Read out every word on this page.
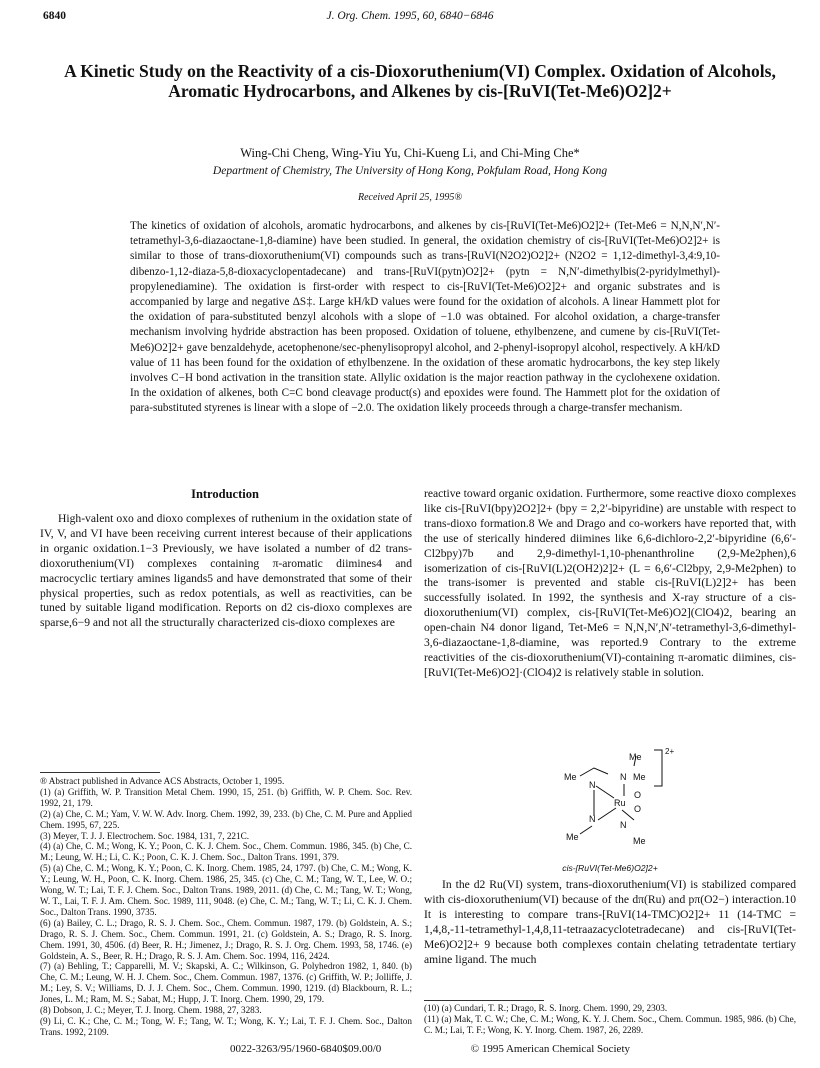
6840	J. Org. Chem. 1995, 60, 6840−6846
A Kinetic Study on the Reactivity of a cis-Dioxoruthenium(VI) Complex. Oxidation of Alcohols, Aromatic Hydrocarbons, and Alkenes by cis-[RuVI(Tet-Me6)O2]2+
Wing-Chi Cheng, Wing-Yiu Yu, Chi-Kueng Li, and Chi-Ming Che*
Department of Chemistry, The University of Hong Kong, Pokfulam Road, Hong Kong
Received April 25, 1995®
The kinetics of oxidation of alcohols, aromatic hydrocarbons, and alkenes by cis-[RuVI(Tet-Me6)O2]2+ (Tet-Me6 = N,N,N′,N′-tetramethyl-3,6-diazaoctane-1,8-diamine) have been studied. In general, the oxidation chemistry of cis-[RuVI(Tet-Me6)O2]2+ is similar to those of trans-dioxoruthenium(VI) compounds such as trans-[RuVI(N2O2)O2]2+ (N2O2 = 1,12-dimethyl-3,4:9,10-dibenzo-1,12-diaza-5,8-dioxacyclopentadecane) and trans-[RuVI(pytn)O2]2+ (pytn = N,N′-dimethylbis(2-pyridylmethyl)-propylenediamine). The oxidation is first-order with respect to cis-[RuVI(Tet-Me6)O2]2+ and organic substrates and is accompanied by large and negative ΔS‡. Large kH/kD values were found for the oxidation of alcohols. A linear Hammett plot for the oxidation of para-substituted benzyl alcohols with a slope of −1.0 was obtained. For alcohol oxidation, a charge-transfer mechanism involving hydride abstraction has been proposed. Oxidation of toluene, ethylbenzene, and cumene by cis-[RuVI(Tet-Me6)O2]2+ gave benzaldehyde, acetophenone/sec-phenylisopropyl alcohol, and 2-phenyl-isopropyl alcohol, respectively. A kH/kD value of 11 has been found for the oxidation of ethylbenzene. In the oxidation of these aromatic hydrocarbons, the key step likely involves C−H bond activation in the transition state. Allylic oxidation is the major reaction pathway in the cyclohexene oxidation. In the oxidation of alkenes, both C=C bond cleavage product(s) and epoxides were found. The Hammett plot for the oxidation of para-substituted styrenes is linear with a slope of −2.0. The oxidation likely proceeds through a charge-transfer mechanism.
Introduction

High-valent oxo and dioxo complexes of ruthenium in the oxidation state of IV, V, and VI have been receiving current interest because of their applications in organic oxidation.1−3 Previously, we have isolated a number of d2 trans-dioxoruthenium(VI) complexes containing π-aromatic diimines4 and macrocyclic tertiary amines ligands5 and have demonstrated that some of their physical properties, such as redox potentials, as well as reactivities, can be tuned by suitable ligand modification. Reports on d2 cis-dioxo complexes are sparse,6−9 and not all the structurally characterized cis-dioxo complexes are

® Abstract published in Advance ACS Abstracts, October 1, 1995.
(1) (a) Griffith, W. P. Transition Metal Chem. 1990, 15, 251. (b) Griffith, W. P. Chem. Soc. Rev. 1992, 21, 179.
(2) (a) Che, C. M.; Yam, V. W. W. Adv. Inorg. Chem. 1992, 39, 233. (b) Che, C. M. Pure and Applied Chem. 1995, 67, 225.
(3) Meyer, T. J. J. Electrochem. Soc. 1984, 131, 7, 221C.
(4) (a) Che, C. M.; Wong, K. Y.; Poon, C. K. J. Chem. Soc., Chem. Commun. 1986, 345. (b) Che, C. M.; Leung, W. H.; Li, C. K.; Poon, C. K. J. Chem. Soc., Dalton Trans. 1991, 379.
(5) (a) Che, C. M.; Wong, K. Y.; Poon, C. K. Inorg. Chem. 1985, 24, 1797. (b) Che, C. M.; Wong, K. Y.; Leung, W. H., Poon, C. K. Inorg. Chem. 1986, 25, 345. (c) Che, C. M.; Tang, W. T., Lee, W. O.; Wong, W. T.; Lai, T. F. J. Chem. Soc., Dalton Trans. 1989, 2011. (d) Che, C. M.; Tang, W. T.; Wong, W. T., Lai, T. F. J. Am. Chem. Soc. 1989, 111, 9048. (e) Che, C. M.; Tang, W. T.; Li, C. K. J. Chem. Soc., Dalton Trans. 1990, 3735.
(6) (a) Bailey, C. L.; Drago, R. S. J. Chem. Soc., Chem. Commun. 1987, 179. (b) Goldstein, A. S.; Drago, R. S. J. Chem. Soc., Chem. Commun. 1991, 21. (c) Goldstein, A. S.; Drago, R. S. Inorg. Chem. 1991, 30, 4506. (d) Beer, R. H.; Jimenez, J.; Drago, R. S. J. Org. Chem. 1993, 58, 1746. (e) Goldstein, A. S., Beer, R. H.; Drago, R. S. J. Am. Chem. Soc. 1994, 116, 2424.
(7) (a) Behling, T.; Capparelli, M. V.; Skapski, A. C.; Wilkinson, G. Polyhedron 1982, 1, 840. (b) Che, C. M.; Leung, W. H. J. Chem. Soc., Chem. Commun. 1987, 1376. (c) Griffith, W. P.; Jolliffe, J. M.; Ley, S. V.; Williams, D. J. J. Chem. Soc., Chem. Commun. 1990, 1219. (d) Blackbourn, R. L.; Jones, L. M.; Ram, M. S.; Sabat, M.; Hupp, J. T. Inorg. Chem. 1990, 29, 179.
(8) Dobson, J. C.; Meyer, T. J. Inorg. Chem. 1988, 27, 3283.
(9) Li, C. K.; Che, C. M.; Tong, W. F.; Tang, W. T.; Wong, K. Y.; Lai, T. F. J. Chem. Soc., Dalton Trans. 1992, 2109.

reactive toward organic oxidation. Furthermore, some reactive dioxo complexes like cis-[RuVI(bpy)2O2]2+ (bpy = 2,2′-bipyridine) are unstable with respect to trans-dioxo formation.8 We and Drago and co-workers have reported that, with the use of sterically hindered diimines like 6,6-dichloro-2,2′-bipyridine (6,6′-Cl2bpy)7b and 2,9-dimethyl-1,10-phenanthroline (2,9-Me2phen),6 isomerization of cis-[RuVI(L)2(OH2)2]2+ (L = 6,6′-Cl2bpy, 2,9-Me2phen) to the trans-isomer is prevented and stable cis-[RuVI(L)2]2+ has been successfully isolated. In 1992, the synthesis and X-ray structure of a cis-dioxoruthenium(VI) complex, cis-[RuVI(Tet-Me6)O2](ClO4)2, bearing an open-chain N4 donor ligand, Tet-Me6 = N,N,N′,N′-tetramethyl-3,6-dimethyl-3,6-diazaoctane-1,8-diamine, was reported.9 Contrary to the extreme reactivities of the cis-dioxoruthenium(VI)-containing π-aromatic diimines, cis-[RuVI(Tet-Me6)O2]·(ClO4)2 is relatively stable in solution.

Me
Me
N
N Me
Ru
O
O
N
N
Me	Me
2+
cis-[RuVI(Tet-Me6)O2]2+

In the d2 Ru(VI) system, trans-dioxoruthenium(VI) is stabilized compared with cis-dioxoruthenium(VI) because of the dπ(Ru) and pπ(O2−) interaction.10 It is interesting to compare trans-[RuVI(14-TMC)O2]2+ 11 (14-TMC = 1,4,8,-11-tetramethyl-1,4,8,11-tetraazacyclotetradecane) and cis-[RuVI(Tet-Me6)O2]2+ 9 because both complexes contain chelating tetradentate tertiary amine ligand. The much

(10) (a) Cundari, T. R.; Drago, R. S. Inorg. Chem. 1990, 29, 2303.
(11) (a) Mak, T. C. W.; Che, C. M.; Wong, K. Y. J. Chem. Soc., Chem. Commun. 1985, 986. (b) Che, C. M.; Lai, T. F.; Wong, K. Y. Inorg. Chem. 1987, 26, 2289.
0022-3263/95/1960-6840$09.00/0	© 1995 American Chemical Society
